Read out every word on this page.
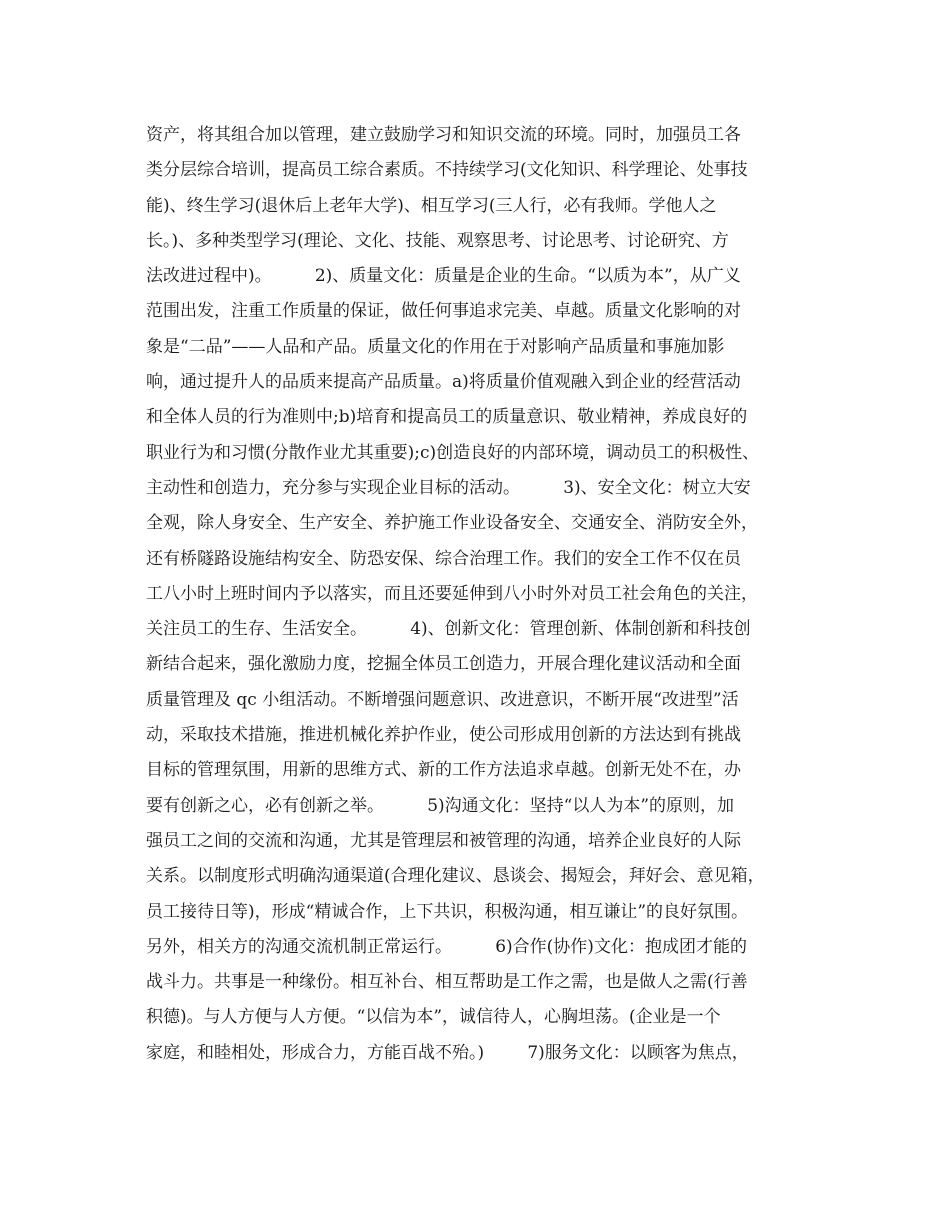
资产，将其组合加以管理，建立鼓励学习和知识交流的环境。同时，加强员工各
类分层综合培训，提高员工综合素质。不持续学习(文化知识、科学理论、处事技
能)、终生学习(退休后上老年大学)、相互学习(三人行，必有我师。学他人之
长。)、多种类型学习(理论、文化、技能、观察思考、讨论思考、讨论研究、方
法改进过程中)。        2)、质量文化：质量是企业的生命。“以质为本”，从广义
范围出发，注重工作质量的保证，做任何事追求完美、卓越。质量文化影响的对
象是“二品”——人品和产品。质量文化的作用在于对影响产品质量和事施加影
响，通过提升人的品质来提高产品质量。a)将质量价值观融入到企业的经营活动
和全体人员的行为准则中;b)培育和提高员工的质量意识、敬业精神，养成良好的
职业行为和习惯(分散作业尤其重要);c)创造良好的内部环境，调动员工的积极性、
主动性和创造力，充分参与实现企业目标的活动。        3)、安全文化：树立大安
全观，除人身安全、生产安全、养护施工作业设备安全、交通安全、消防安全外，
还有桥隧路设施结构安全、防恐安保、综合治理工作。我们的安全工作不仅在员
工八小时上班时间内予以落实，而且还要延伸到八小时外对员工社会角色的关注，
关注员工的生存、生活安全。        4)、创新文化：管理创新、体制创新和科技创
新结合起来，强化激励力度，挖掘全体员工创造力，开展合理化建议活动和全面
质量管理及 qc 小组活动。不断增强问题意识、改进意识，不断开展“改进型”活
动，采取技术措施，推进机械化养护作业，使公司形成用创新的方法达到有挑战
目标的管理氛围，用新的思维方式、新的工作方法追求卓越。创新无处不在，办
要有创新之心，必有创新之举。        5)沟通文化：坚持“以人为本”的原则，加
强员工之间的交流和沟通，尤其是管理层和被管理的沟通，培养企业良好的人际
关系。以制度形式明确沟通渠道(合理化建议、恳谈会、揭短会，拜好会、意见箱，
员工接待日等)，形成“精诚合作，上下共识，积极沟通，相互谦让”的良好氛围。
另外，相关方的沟通交流机制正常运行。        6)合作(协作)文化：抱成团才能的
战斗力。共事是一种缘份。相互补台、相互帮助是工作之需，也是做人之需(行善
积德)。与人方便与人方便。“以信为本”，诚信待人，心胸坦荡。(企业是一个
家庭，和睦相处，形成合力，方能百战不殆。)        7)服务文化：以顾客为焦点，
